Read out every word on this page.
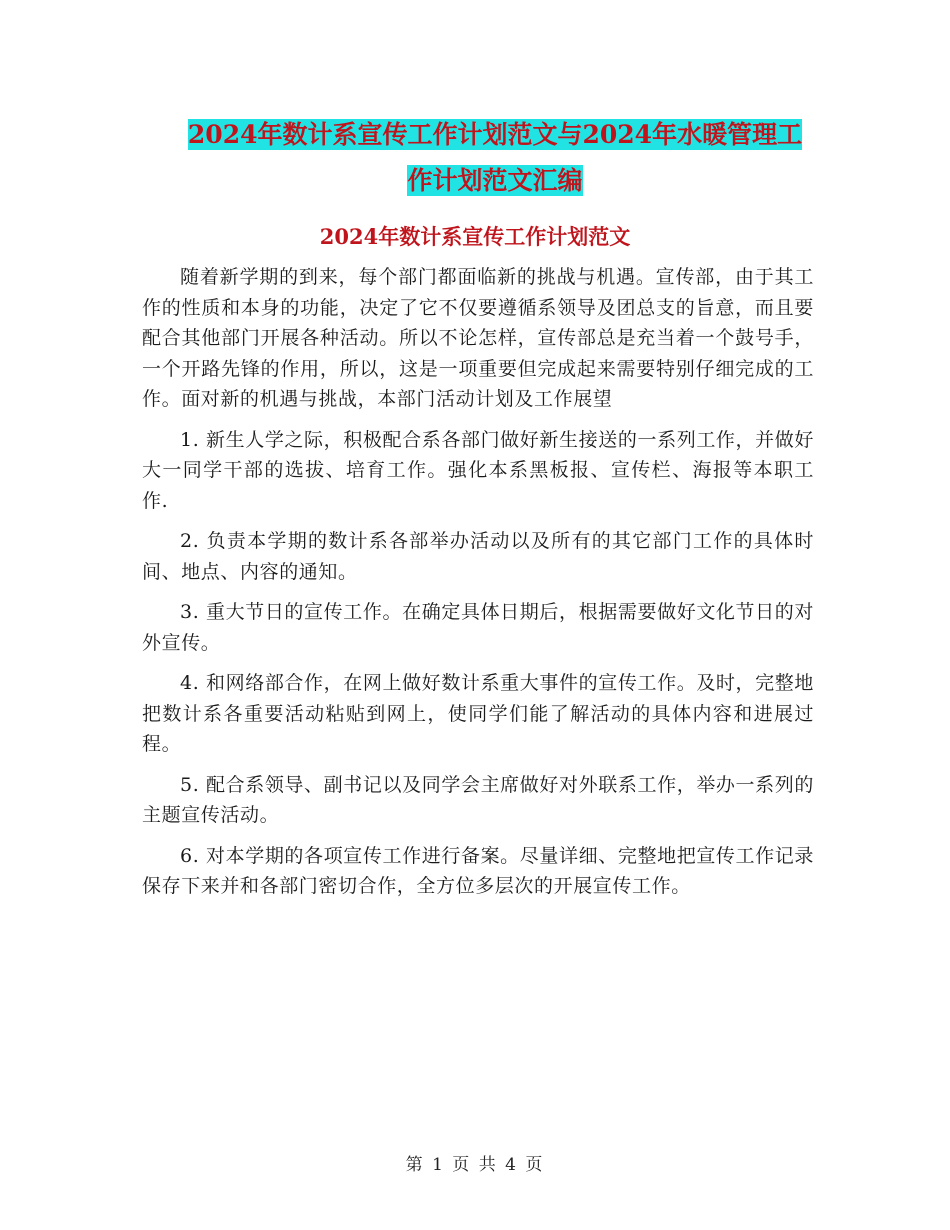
2024年数计系宣传工作计划范文与2024年水暖管理工
作计划范文汇编
2024年数计系宣传工作计划范文

随着新学期的到来，每个部门都面临新的挑战与机遇。宣传部，由于其工作的性质和本身的功能，决定了它不仅要遵循系领导及团总支的旨意，而且要配合其他部门开展各种活动。所以不论怎样，宣传部总是充当着一个鼓号手，一个开路先锋的作用，所以，这是一项重要但完成起来需要特别仔细完成的工作。面对新的机遇与挑战，本部门活动计划及工作展望

1. 新生人学之际，积极配合系各部门做好新生接送的一系列工作，并做好大一同学干部的选拔、培育工作。强化本系黑板报、宣传栏、海报等本职工作.

2. 负责本学期的数计系各部举办活动以及所有的其它部门工作的具体时间、地点、内容的通知。

3. 重大节日的宣传工作。在确定具体日期后，根据需要做好文化节日的对外宣传。

4. 和网络部合作，在网上做好数计系重大事件的宣传工作。及时，完整地把数计系各重要活动粘贴到网上，使同学们能了解活动的具体内容和进展过程。

5. 配合系领导、副书记以及同学会主席做好对外联系工作，举办一系列的主题宣传活动。

6. 对本学期的各项宣传工作进行备案。尽量详细、完整地把宣传工作记录保存下来并和各部门密切合作，全方位多层次的开展宣传工作。

第 1 页 共 4 页
